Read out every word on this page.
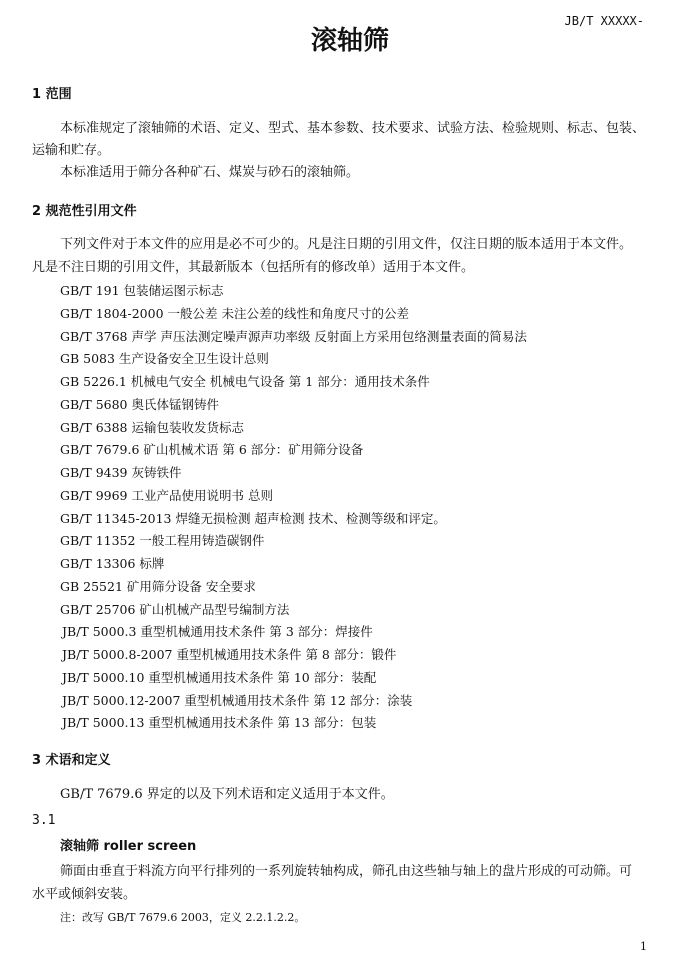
JB/T XXXXX-
滚轴筛
1 范围
本标准规定了滚轴筛的术语、定义、型式、基本参数、技术要求、试验方法、检验规则、标志、包装、
运输和贮存。
本标准适用于筛分各种矿石、煤炭与砂石的滚轴筛。
2 规范性引用文件
下列文件对于本文件的应用是必不可少的。凡是注日期的引用文件，仅注日期的版本适用于本文件。
凡是不注日期的引用文件，其最新版本（包括所有的修改单）适用于本文件。
GB/T 191 包装储运图示标志
GB/T 1804-2000 一般公差 未注公差的线性和角度尺寸的公差
GB/T 3768 声学 声压法测定噪声源声功率级 反射面上方采用包络测量表面的简易法
GB 5083 生产设备安全卫生设计总则
GB 5226.1 机械电气安全 机械电气设备 第 1 部分：通用技术条件
GB/T 5680 奥氏体锰钢铸件
GB/T 6388 运输包装收发货标志
GB/T 7679.6 矿山机械术语 第 6 部分：矿用筛分设备
GB/T 9439 灰铸铁件
GB/T 9969 工业产品使用说明书 总则
GB/T 11345-2013 焊缝无损检测 超声检测 技术、检测等级和评定。
GB/T 11352 一般工程用铸造碳钢件
GB/T 13306 标牌
GB 25521 矿用筛分设备 安全要求
GB/T 25706 矿山机械产品型号编制方法
JB/T 5000.3 重型机械通用技术条件 第 3 部分：焊接件
JB/T 5000.8-2007 重型机械通用技术条件 第 8 部分：锻件
JB/T 5000.10 重型机械通用技术条件 第 10 部分：装配
JB/T 5000.12-2007 重型机械通用技术条件 第 12 部分：涂装
JB/T 5000.13 重型机械通用技术条件 第 13 部分：包装
3 术语和定义
GB/T 7679.6 界定的以及下列术语和定义适用于本文件。
3.1
滚轴筛 roller screen
筛面由垂直于料流方向平行排列的一系列旋转轴构成，筛孔由这些轴与轴上的盘片形成的可动筛。可
水平或倾斜安装。
注：改写 GB/T 7679.6 2003，定义 2.2.1.2.2。
1
